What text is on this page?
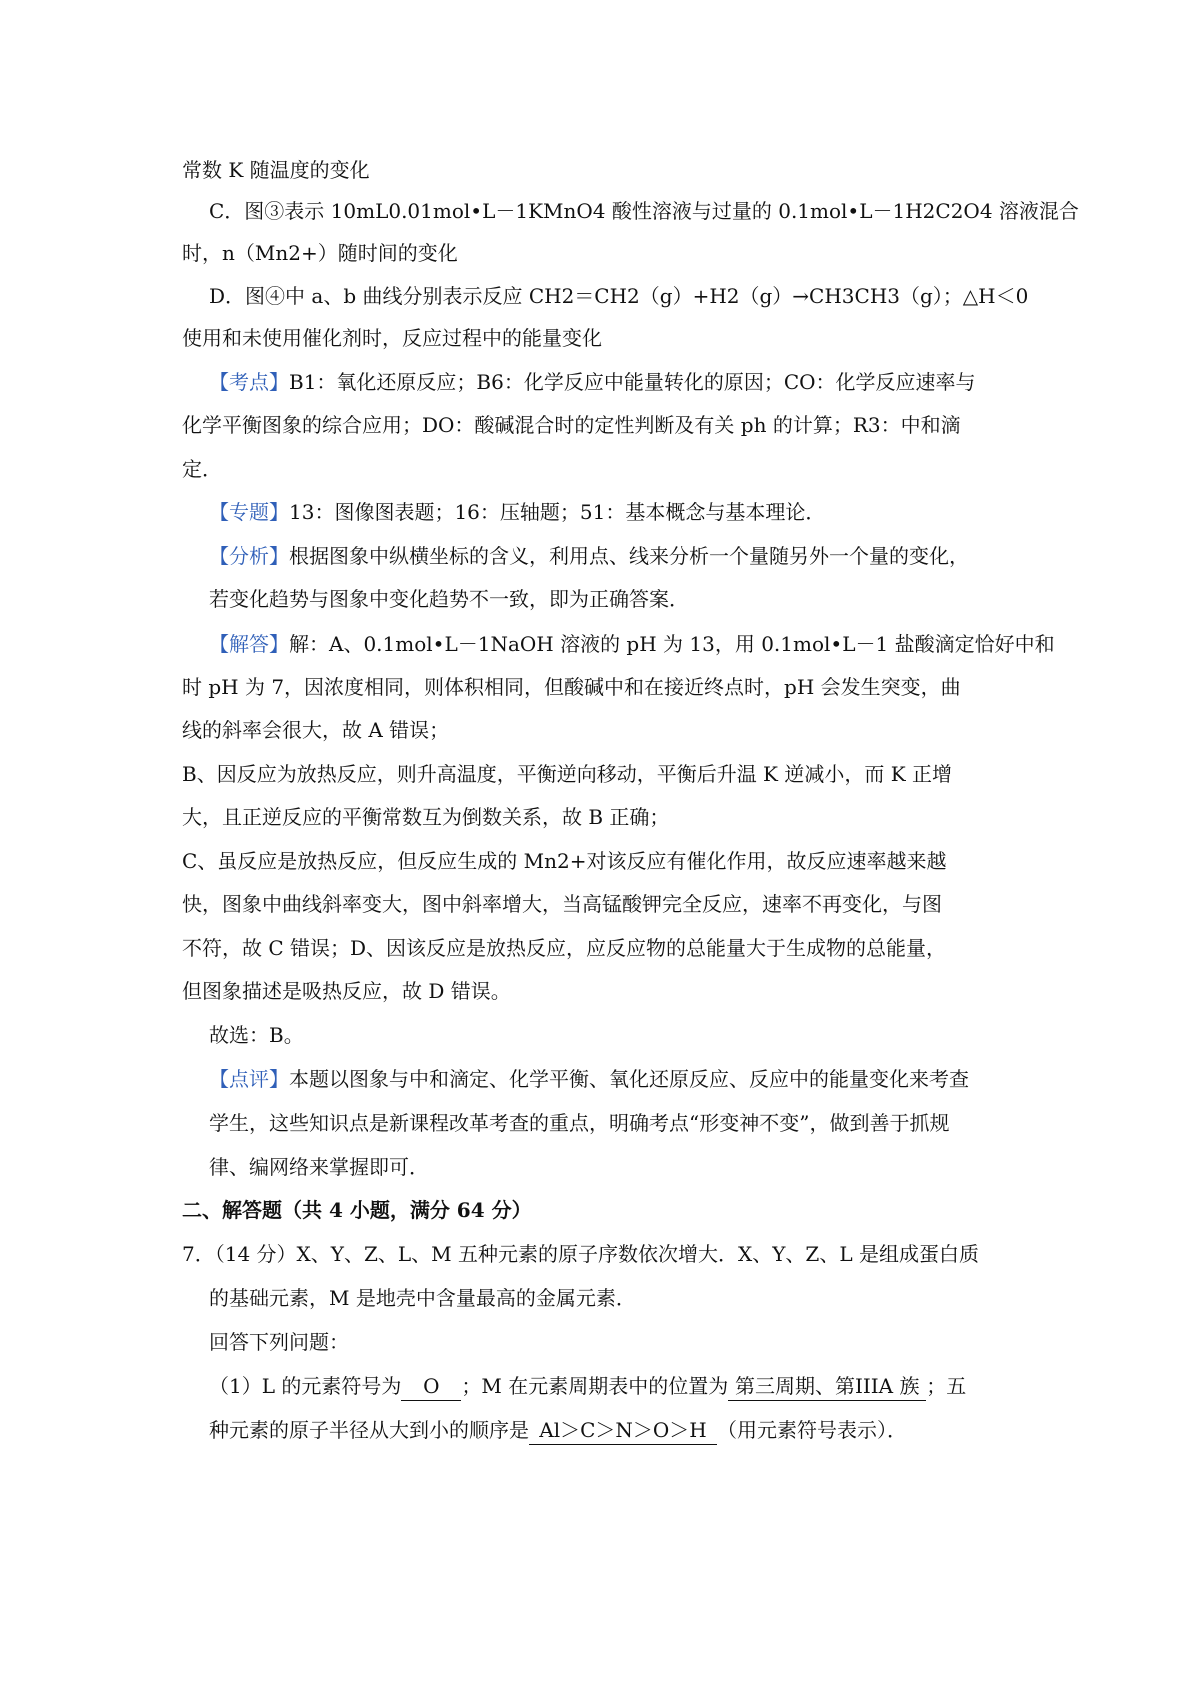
常数 K 随温度的变化
C．图③表示 10mL0.01mol•L－1KMnO4 酸性溶液与过量的 0.1mol•L－1H2C2O4 溶液混合
时，n（Mn2+）随时间的变化
D．图④中 a、b 曲线分别表示反应 CH2＝CH2（g）+H2（g）→CH3CH3（g）；△H＜0
使用和未使用催化剂时，反应过程中的能量变化
【考点】B1：氧化还原反应；B6：化学反应中能量转化的原因；CO：化学反应速率与
化学平衡图象的综合应用；DO：酸碱混合时的定性判断及有关 ph 的计算；R3：中和滴
定．
【专题】13：图像图表题；16：压轴题；51：基本概念与基本理论．
【分析】根据图象中纵横坐标的含义，利用点、线来分析一个量随另外一个量的变化，
若变化趋势与图象中变化趋势不一致，即为正确答案．
【解答】解：A、0.1mol•L－1NaOH 溶液的 pH 为 13，用 0.1mol•L－1 盐酸滴定恰好中和
时 pH 为 7，因浓度相同，则体积相同，但酸碱中和在接近终点时，pH 会发生突变，曲
线的斜率会很大，故 A 错误；
B、因反应为放热反应，则升高温度，平衡逆向移动，平衡后升温 K 逆减小，而 K 正增
大，且正逆反应的平衡常数互为倒数关系，故 B 正确；
C、虽反应是放热反应，但反应生成的 Mn2+对该反应有催化作用，故反应速率越来越
快，图象中曲线斜率变大，图中斜率增大，当高锰酸钾完全反应，速率不再变化，与图
不符，故 C 错误；D、因该反应是放热反应，应反应物的总能量大于生成物的总能量，
但图象描述是吸热反应，故 D 错误。
故选：B。
【点评】本题以图象与中和滴定、化学平衡、氧化还原反应、反应中的能量变化来考查
学生，这些知识点是新课程改革考查的重点，明确考点“形变神不变”，做到善于抓规
律、编网络来掌握即可．
二、解答题（共 4 小题，满分 64 分）
7．（14 分）X、Y、Z、L、M 五种元素的原子序数依次增大．X、Y、Z、L 是组成蛋白质
的基础元素，M 是地壳中含量最高的金属元素．
回答下列问题：
（1）L 的元素符号为 O ；M 在元素周期表中的位置为 第三周期、第IIIA 族 ；五
种元素的原子半径从大到小的顺序是 Al＞C＞N＞O＞H （用元素符号表示）．
